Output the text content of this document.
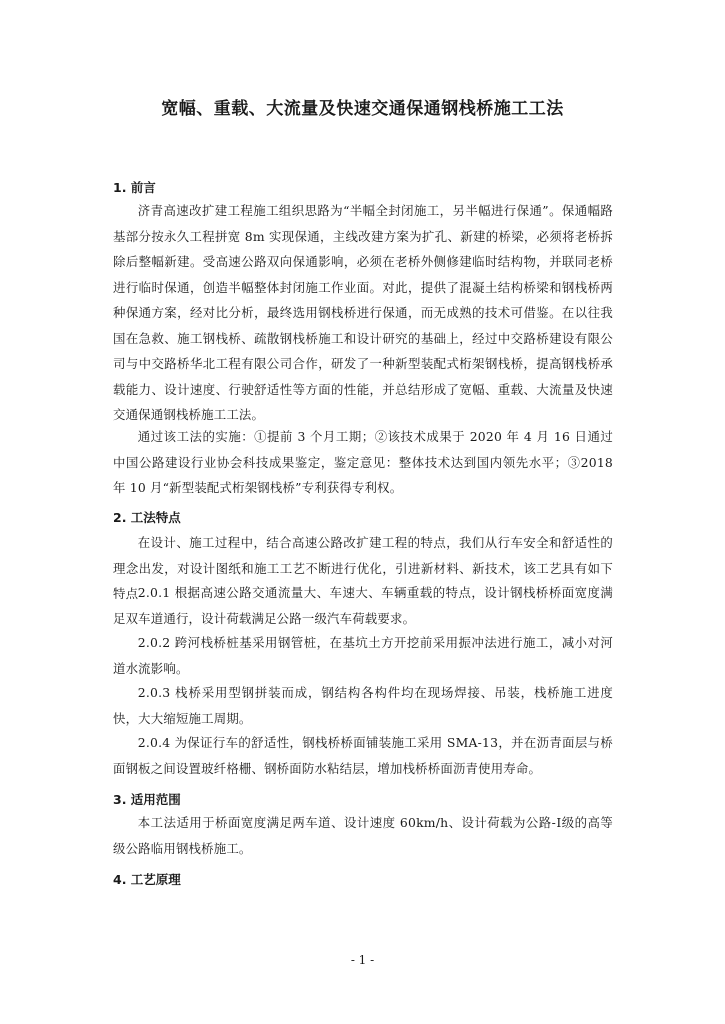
宽幅、重载、大流量及快速交通保通钢栈桥施工工法
1. 前言

济青高速改扩建工程施工组织思路为“半幅全封闭施工，另半幅进行保通”。保通幅路基部分按永久工程拼宽 8m 实现保通，主线改建方案为扩孔、新建的桥梁，必须将老桥拆除后整幅新建。受高速公路双向保通影响，必须在老桥外侧修建临时结构物，并联同老桥进行临时保通，创造半幅整体封闭施工作业面。对此，提供了混凝土结构桥梁和钢栈桥两种保通方案，经对比分析，最终选用钢栈桥进行保通，而无成熟的技术可借鉴。在以往我国在急救、施工钢栈桥、疏散钢栈桥施工和设计研究的基础上，经过中交路桥建设有限公司与中交路桥华北工程有限公司合作，研发了一种新型装配式桁架钢栈桥，提高钢栈桥承载能力、设计速度、行驶舒适性等方面的性能，并总结形成了宽幅、重载、大流量及快速交通保通钢栈桥施工工法。

通过该工法的实施：①提前 3 个月工期；②该技术成果于 2020 年 4 月 16 日通过中国公路建设行业协会科技成果鉴定，鉴定意见：整体技术达到国内领先水平；③2018 年 10 月“新型装配式桁架钢栈桥”专利获得专利权。

2. 工法特点

在设计、施工过程中，结合高速公路改扩建工程的特点，我们从行车安全和舒适性的理念出发，对设计图纸和施工工艺不断进行优化，引进新材料、新技术，该工艺具有如下特点 2.0.1 根据高速公路交通流量大、车速大、车辆重载的特点，设计钢栈桥桥面宽度满足双车道通行，设计荷载满足公路一级汽车荷载要求。

2.0.2 跨河栈桥桩基采用钢管桩，在基坑土方开挖前采用振冲法进行施工，减小对河道水流影响。

2.0.3 栈桥采用型钢拼装而成，钢结构各构件均在现场焊接、吊装，栈桥施工进度快，大大缩短施工周期。

2.0.4 为保证行车的舒适性，钢栈桥桥面铺装施工采用 SMA-13，并在沥青面层与桥面钢板之间设置玻纤格栅、钢桥面防水粘结层，增加栈桥桥面沥青使用寿命。

3. 适用范围

本工法适用于桥面宽度满足两车道、设计速度 60km/h、设计荷载为公路-Ⅰ级的高等级公路临用钢栈桥施工。

4. 工艺原理
- 1 -
